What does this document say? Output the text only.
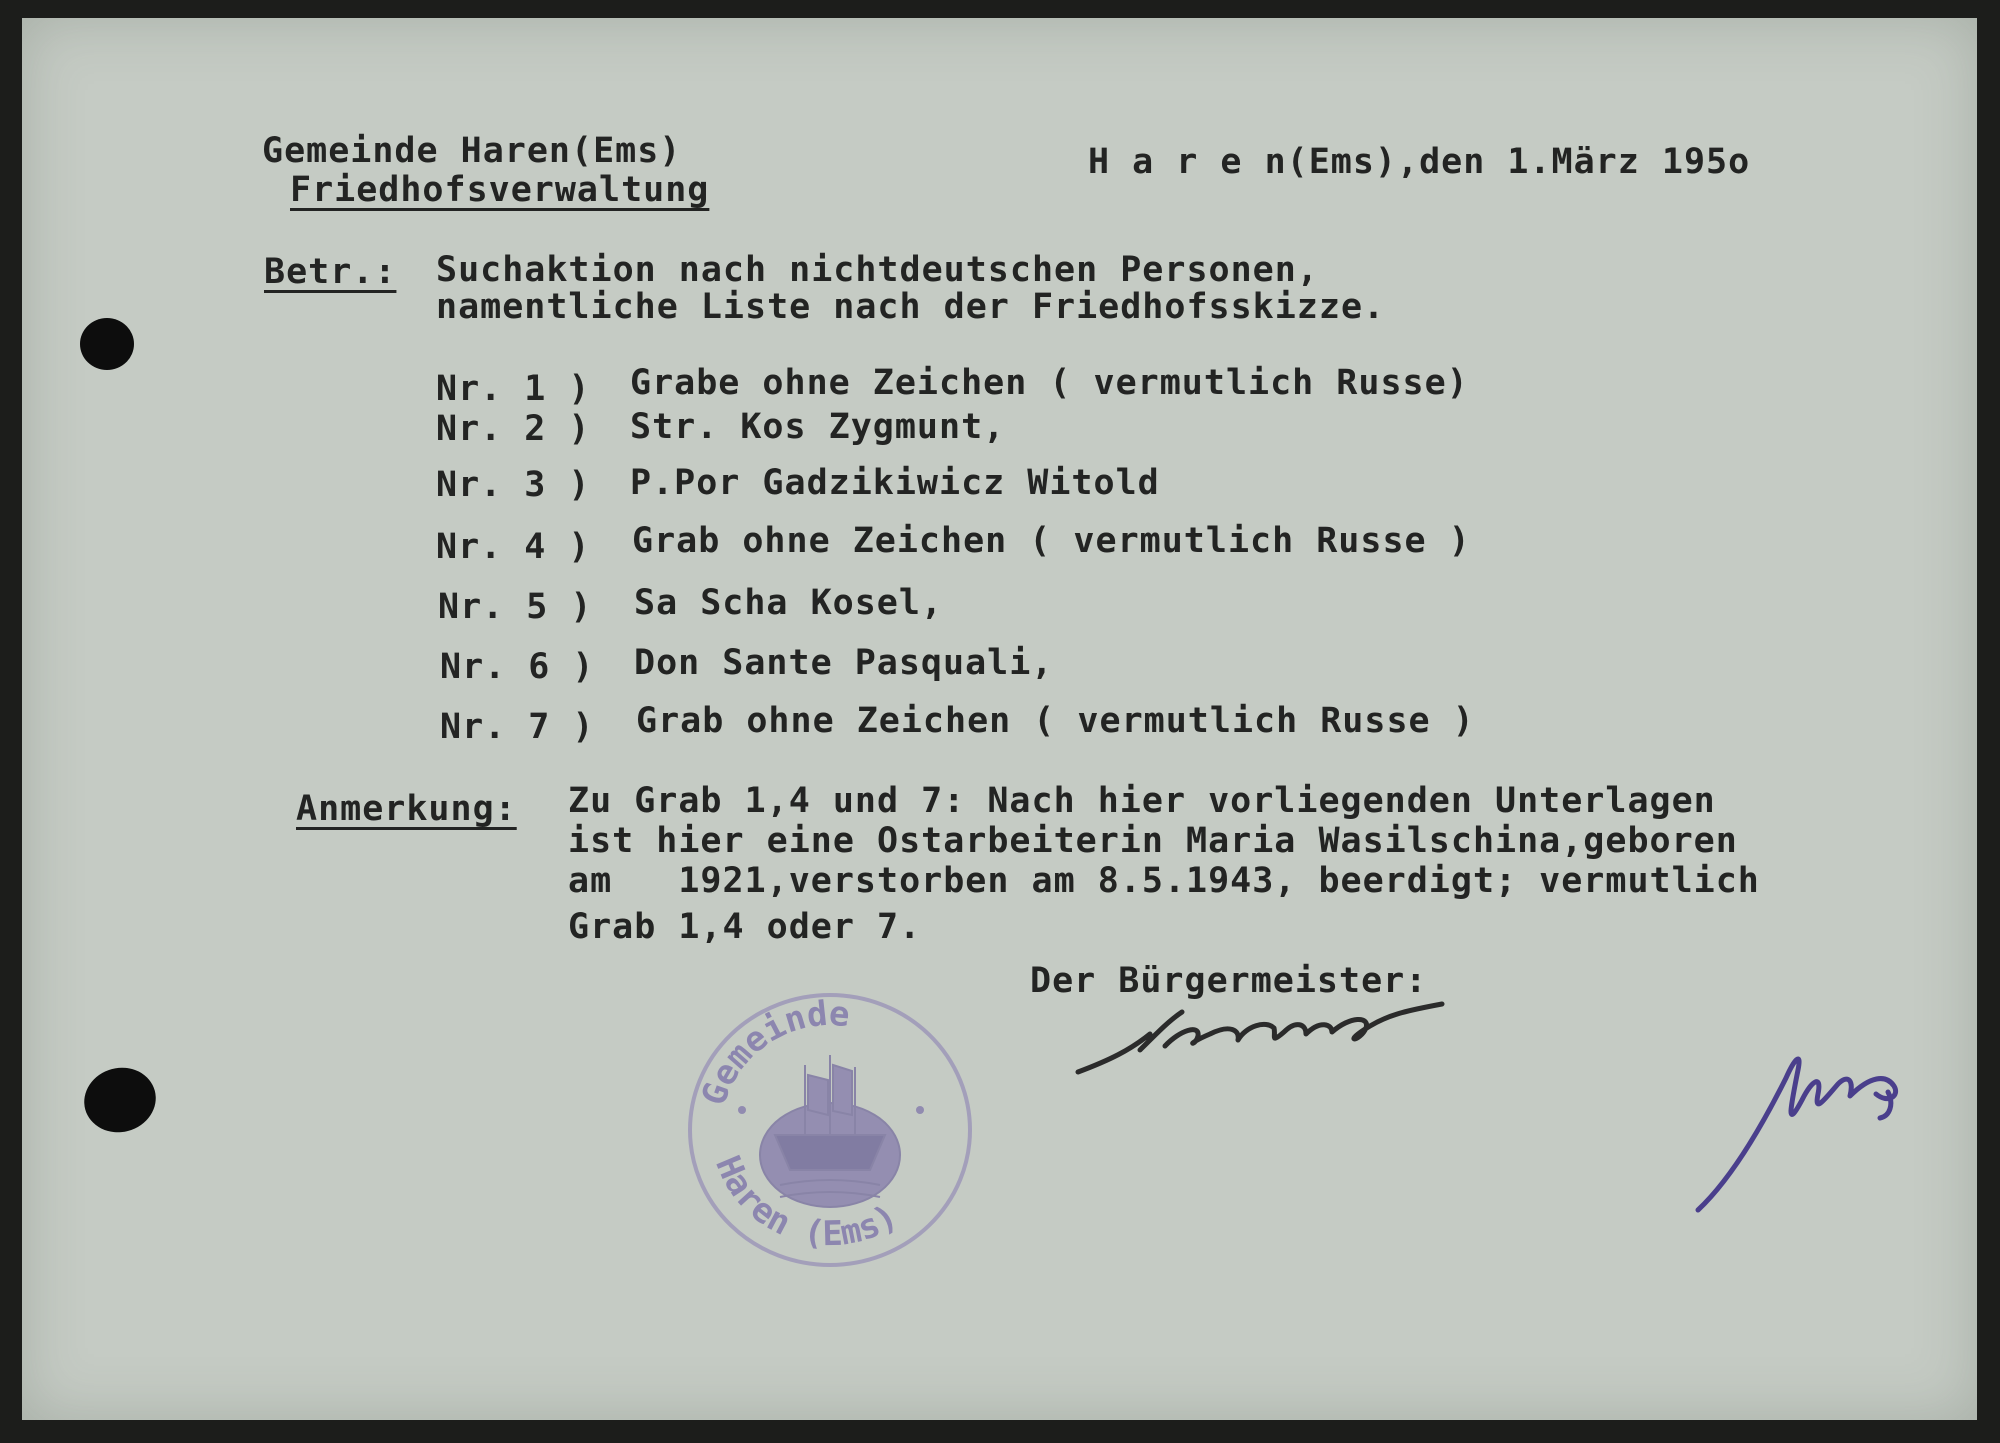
Gemeinde Haren(Ems)
Friedhofsverwaltung
H a r e n(Ems),den 1.März 195o
Betr.: Suchaktion nach nichtdeutschen Personen,
namentliche Liste nach der Friedhofsskizze.
Nr. 1 ) Grabe ohne Zeichen ( vermutlich Russe)
Nr. 2 ) Str. Kos Zygmunt,
Nr. 3 ) P.Por Gadzikiwicz Witold
Nr. 4 ) Grab ohne Zeichen ( vermutlich Russe )
Nr. 5 ) Sa Scha Kosel,
Nr. 6 ) Don Sante Pasquali,
Nr. 7 ) Grab ohne Zeichen ( vermutlich Russe )
Anmerkung: Zu Grab 1,4 und 7: Nach hier vorliegenden Unterlagen
ist hier eine Ostarbeiterin Maria Wasilschina,geboren
am   1921,verstorben am 8.5.1943, beerdigt; vermutlich
Grab 1,4 oder 7.
Der Bürgermeister:
Gemeinde
Haren (Ems)
